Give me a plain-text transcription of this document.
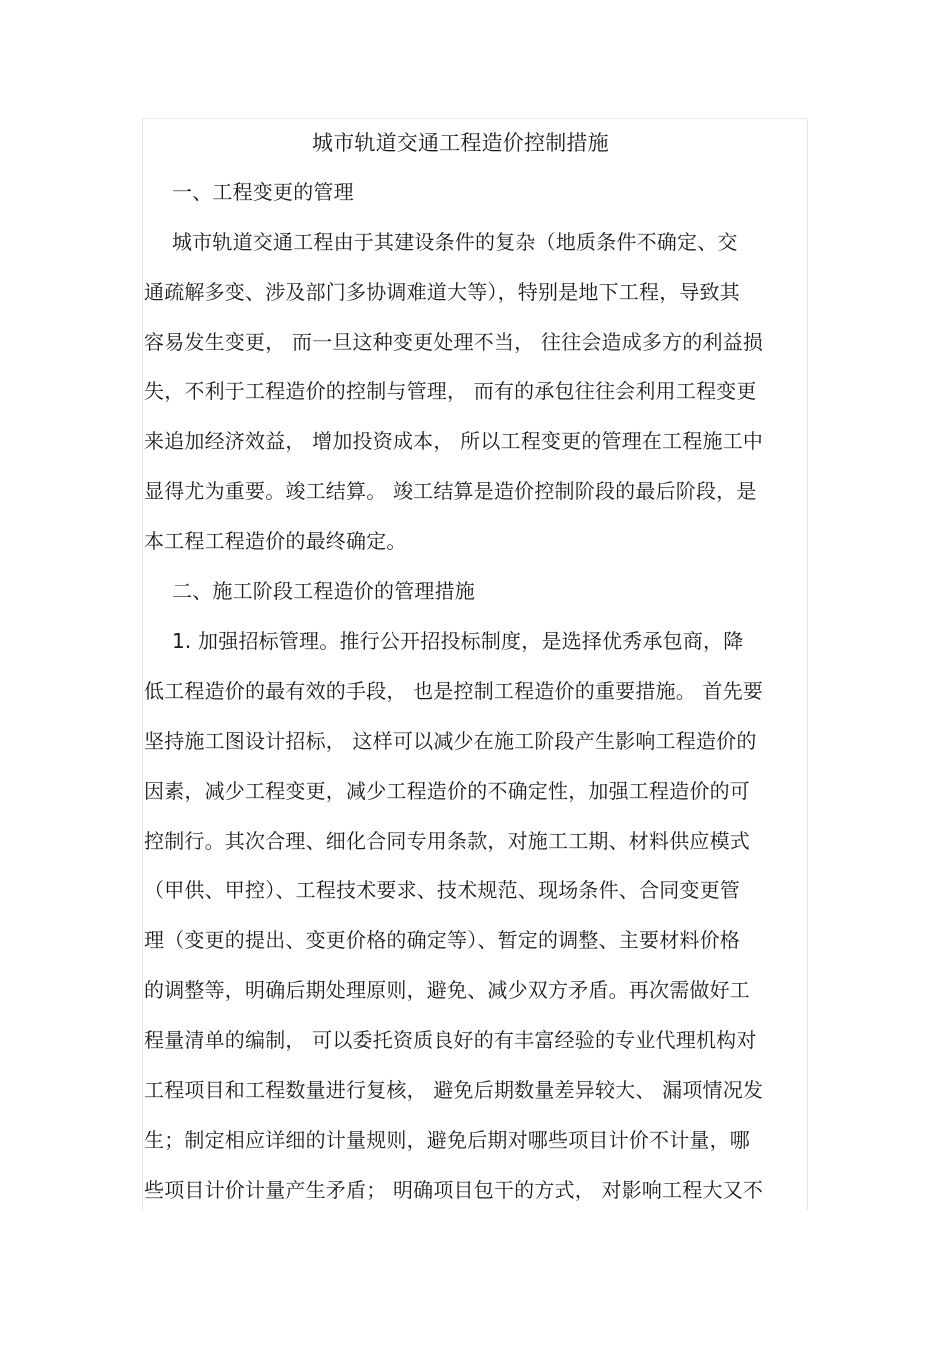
城市轨道交通工程造价控制措施
一、工程变更的管理
城市轨道交通工程由于其建设条件的复杂（地质条件不确定、交
通疏解多变、涉及部门多协调难道大等），特别是地下工程，导致其
容易发生变更， 而一旦这种变更处理不当， 往往会造成多方的利益损
失，不利于工程造价的控制与管理， 而有的承包往往会利用工程变更
来追加经济效益， 增加投资成本， 所以工程变更的管理在工程施工中
显得尤为重要。竣工结算。 竣工结算是造价控制阶段的最后阶段，是
本工程工程造价的最终确定。
二、施工阶段工程造价的管理措施
1. 加强招标管理。推行公开招投标制度，是选择优秀承包商，降
低工程造价的最有效的手段， 也是控制工程造价的重要措施。 首先要
坚持施工图设计招标， 这样可以减少在施工阶段产生影响工程造价的
因素，减少工程变更，减少工程造价的不确定性，加强工程造价的可
控制行。其次合理、细化合同专用条款，对施工工期、材料供应模式
（甲供、甲控）、工程技术要求、技术规范、现场条件、合同变更管
理（变更的提出、变更价格的确定等）、暂定的调整、主要材料价格
的调整等，明确后期处理原则，避免、减少双方矛盾。再次需做好工
程量清单的编制， 可以委托资质良好的有丰富经验的专业代理机构对
工程项目和工程数量进行复核， 避免后期数量差异较大、 漏项情况发
生；制定相应详细的计量规则，避免后期对哪些项目计价不计量，哪
些项目计价计量产生矛盾； 明确项目包干的方式， 对影响工程大又不
